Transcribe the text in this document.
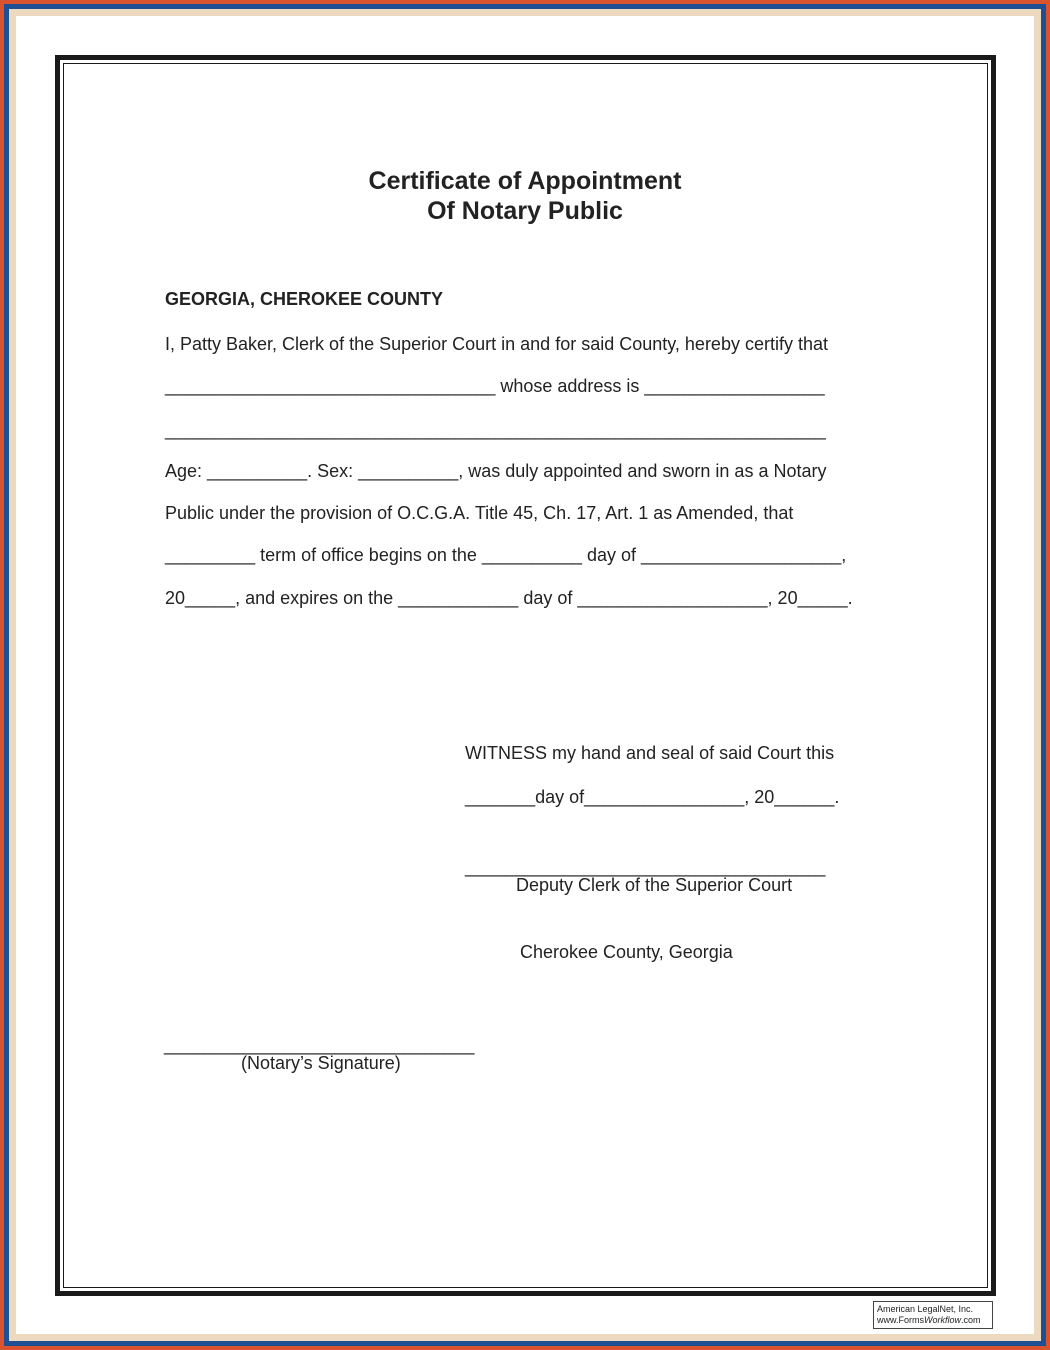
Certificate of Appointment
Of Notary Public

GEORGIA, CHEROKEE COUNTY

I, Patty Baker, Clerk of the Superior Court in and for said County, hereby certify that

_________________________________ whose address is __________________

__________________________________________________________________

Age: __________. Sex: __________, was duly appointed and sworn in as a Notary

Public under the provision of O.C.G.A. Title 45, Ch. 17, Art. 1 as Amended, that

_________ term of office begins on the __________ day of ____________________,

20_____, and expires on the ____________ day of ___________________, 20_____.

WITNESS my hand and seal of said Court this

_______day of________________, 20______.

____________________________________

Deputy Clerk of the Superior Court

Cherokee County, Georgia

_______________________________

(Notary’s Signature)

American LegalNet, Inc.
www.FormsWorkflow.com
